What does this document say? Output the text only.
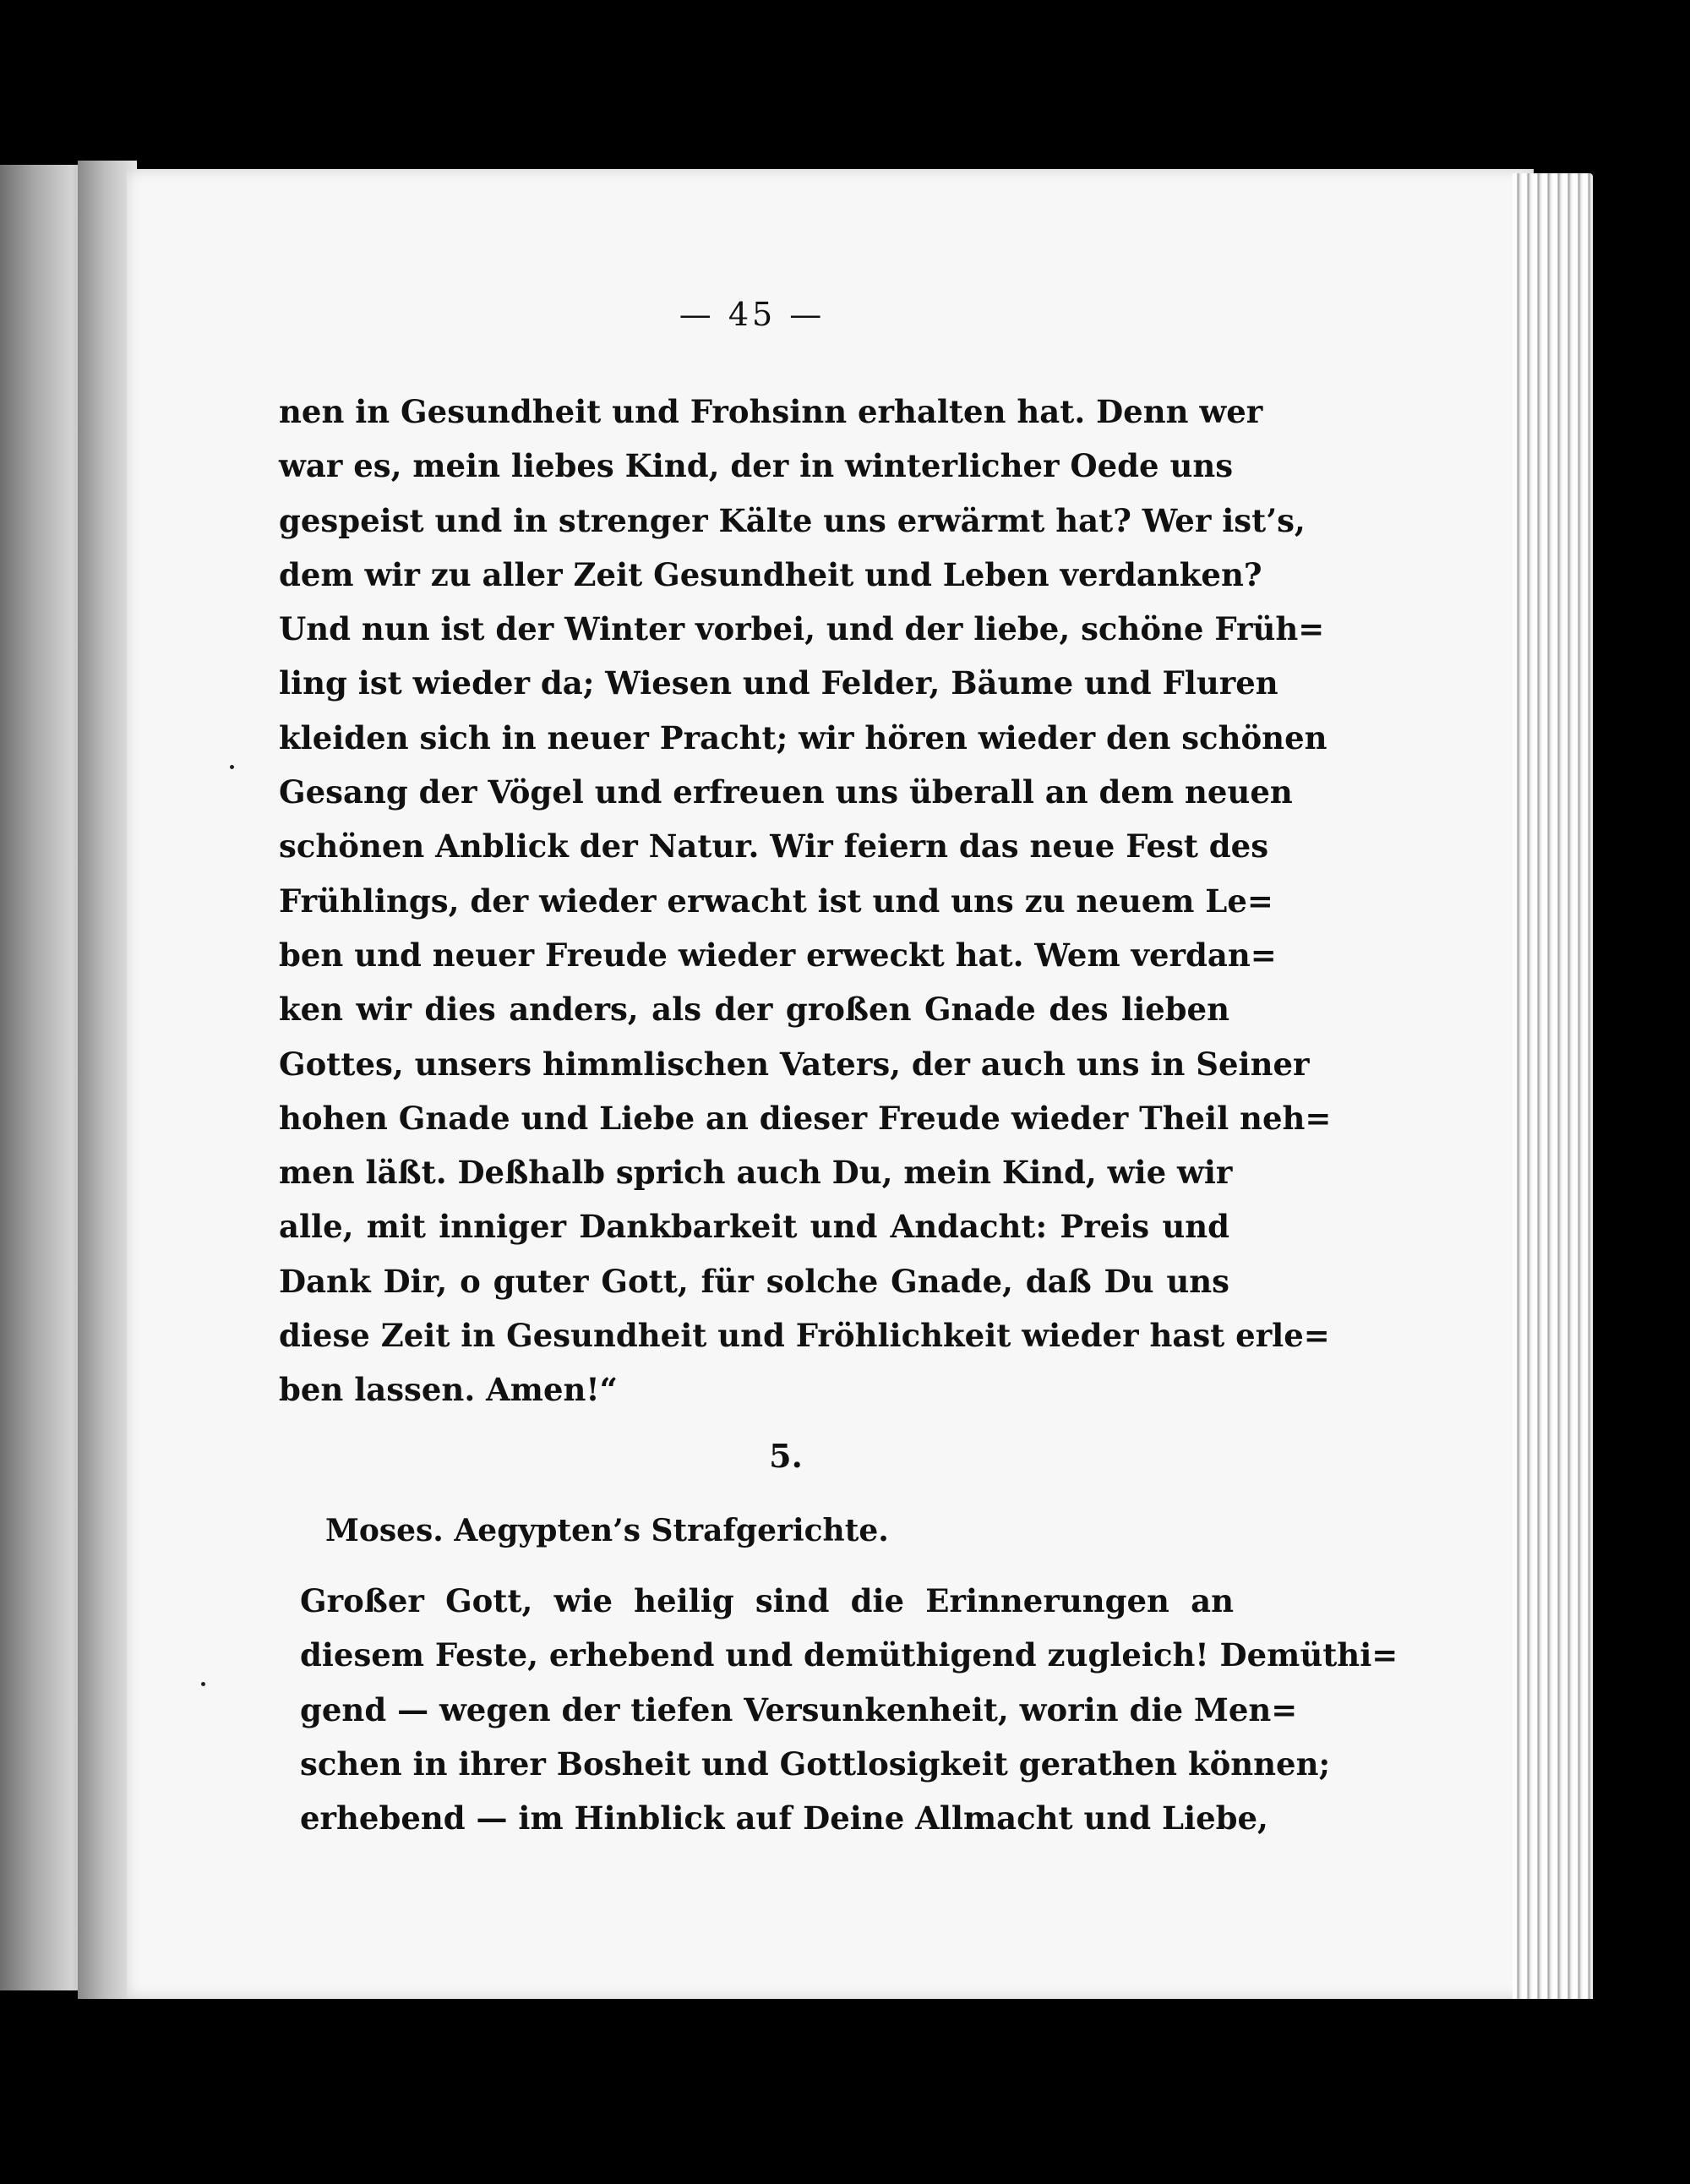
— 45 —
nen in Gesundheit und Frohsinn erhalten hat. Denn wer
war es, mein liebes Kind, der in winterlicher Oede uns
gespeist und in strenger Kälte uns erwärmt hat? Wer ist’s,
dem wir zu aller Zeit Gesundheit und Leben verdanken?
Und nun ist der Winter vorbei, und der liebe, schöne Früh=
ling ist wieder da; Wiesen und Felder, Bäume und Fluren
kleiden sich in neuer Pracht; wir hören wieder den schönen
Gesang der Vögel und erfreuen uns überall an dem neuen
schönen Anblick der Natur. Wir feiern das neue Fest des
Frühlings, der wieder erwacht ist und uns zu neuem Le=
ben und neuer Freude wieder erweckt hat. Wem verdan=
ken wir dies anders, als der großen Gnade des lieben
Gottes, unsers himmlischen Vaters, der auch uns in Seiner
hohen Gnade und Liebe an dieser Freude wieder Theil neh=
men läßt. Deßhalb sprich auch Du, mein Kind, wie wir
alle, mit inniger Dankbarkeit und Andacht: Preis und
Dank Dir, o guter Gott, für solche Gnade, daß Du uns
diese Zeit in Gesundheit und Fröhlichkeit wieder hast erle=
ben lassen. Amen!“
5.
Moses. Aegypten’s Strafgerichte.
Großer Gott, wie heilig sind die Erinnerungen an
diesem Feste, erhebend und demüthigend zugleich! Demüthi=
gend — wegen der tiefen Versunkenheit, worin die Men=
schen in ihrer Bosheit und Gottlosigkeit gerathen können;
erhebend — im Hinblick auf Deine Allmacht und Liebe,
